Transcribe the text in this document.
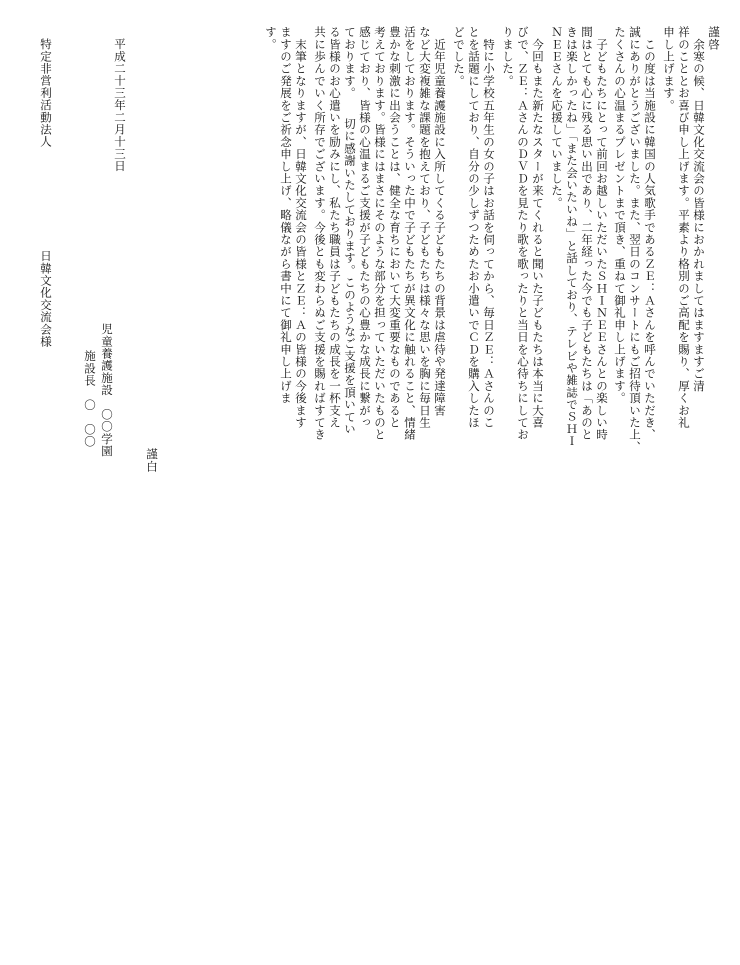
謹啓
　余寒の候、日韓文化交流会の皆様におかれましてはますますご清
祥のこととお喜び申し上げます。平素より格別のご高配を賜り、厚くお礼
申し上げます。
　この度は当施設に韓国の人気歌手であるＺＥ：Ａさんを呼んでいただき、
誠にありがとうございました。また、翌日のコンサートにもご招待頂いた上、
たくさんの心温まるプレゼントまで頂き、重ねて御礼申し上げます。
　子どもたちにとって前回お越しいただいたＳＨＩＮＥＥさんとの楽しい時
間はとても心に残る思い出であり、二年経った今でも子どもたちは「あのと
きは楽しかったね」「また会いたいね」と話しており、テレビや雑誌でＳＨＩ
ＮＥＥさんを応援していました。
　今回もまた新たなスターが来てくれると聞いた子どもたちは本当に大喜
びで、ＺＥ：ＡさんのＤＶＤを見たり歌を歌ったりと当日を心待ちにしてお
りました。
　特に小学校五年生の女の子はお話を伺ってから、毎日ＺＥ：Ａさんのこ
とを話題にしており、自分の少しずつためたお小遣いでＣＤを購入したほ
どでした。
　近年児童養護施設に入所してくる子どもたちの背景は虐待や発達障害
など大変複雑な課題を抱えており、子どもたちは様々な思いを胸に毎日生
活をしております。そういった中で子どもたちが異文化に触れること、情緒
豊かな刺激に出会うことは、健全な育ちにおいて大変重要なものであると
考えております。皆様にはまさにそのような部分を担っていただいたものと
感じており、皆様の心温まるご支援が子どもたちの心豊かな成長に繋がっ
ております。　　切に感謝いたしております。このようなご支援を頂いてい
る皆様のお心遣いを励みにし、私たち職員は子どもたちの成長を一杯支え
共に歩んでいく所存でございます。今後とも変わらぬご支援を賜ればすてき
　末筆となりますが、日韓文化交流会の皆様とＺＥ：Ａの皆様の今後ます
ますのご発展をご祈念申し上げ、略儀ながら書中にて御礼申し上げま
す。
謹白
児童養護施設　〇〇学園
施設長　〇　〇〇
平成二十三年二月十三日
特定非営利活動法人
日韓文化交流会様
